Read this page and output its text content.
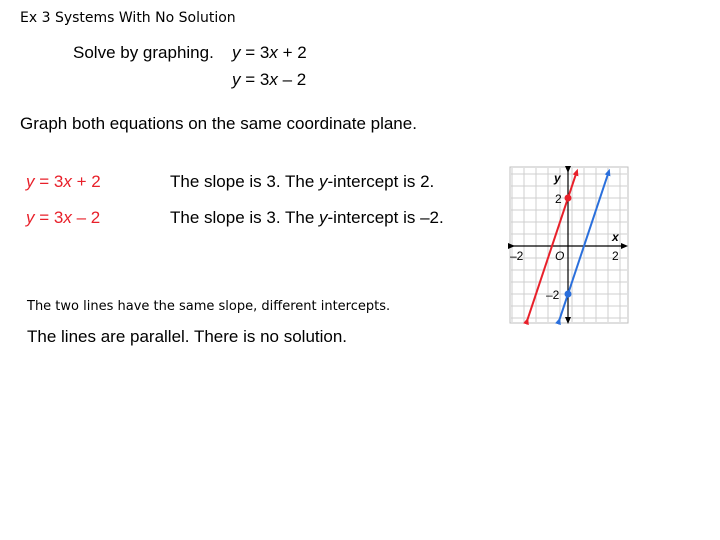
Ex 3 Systems With No Solution
Solve by graphing. y = 3x + 2
y = 3x – 2
Graph both equations on the same coordinate plane.
y = 3x + 2	The slope is 3. The y-intercept is 2.
y = 3x – 2	The slope is 3. The y-intercept is –2.
The two lines have the same slope, different intercepts.
The lines are parallel. There is no solution.
y
x
O
–2	2
2
–2
